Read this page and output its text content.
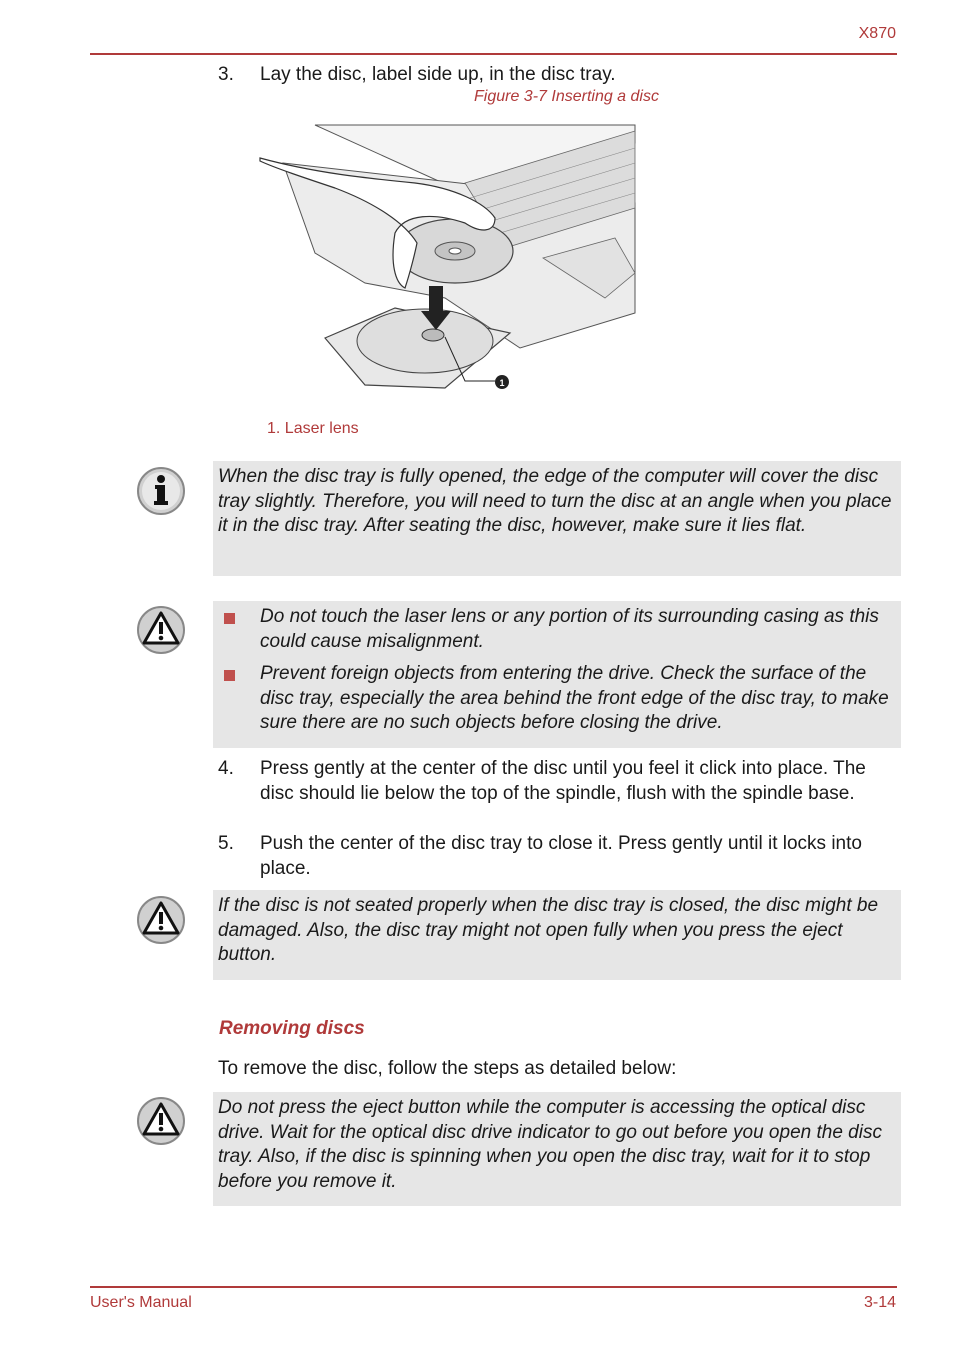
X870
3. Lay the disc, label side up, in the disc tray.
Figure 3-7 Inserting a disc
1
1. Laser lens
When the disc tray is fully opened, the edge of the computer will cover the disc tray slightly. Therefore, you will need to turn the disc at an angle when you place it in the disc tray. After seating the disc, however, make sure it lies flat.
Do not touch the laser lens or any portion of its surrounding casing as this could cause misalignment.
Prevent foreign objects from entering the drive. Check the surface of the disc tray, especially the area behind the front edge of the disc tray, to make sure there are no such objects before closing the drive.
4. Press gently at the center of the disc until you feel it click into place. The disc should lie below the top of the spindle, flush with the spindle base.
5. Push the center of the disc tray to close it. Press gently until it locks into place.
If the disc is not seated properly when the disc tray is closed, the disc might be damaged. Also, the disc tray might not open fully when you press the eject button.
Removing discs
To remove the disc, follow the steps as detailed below:
Do not press the eject button while the computer is accessing the optical disc drive. Wait for the optical disc drive indicator to go out before you open the disc tray. Also, if the disc is spinning when you open the disc tray, wait for it to stop before you remove it.
User's Manual	3-14
